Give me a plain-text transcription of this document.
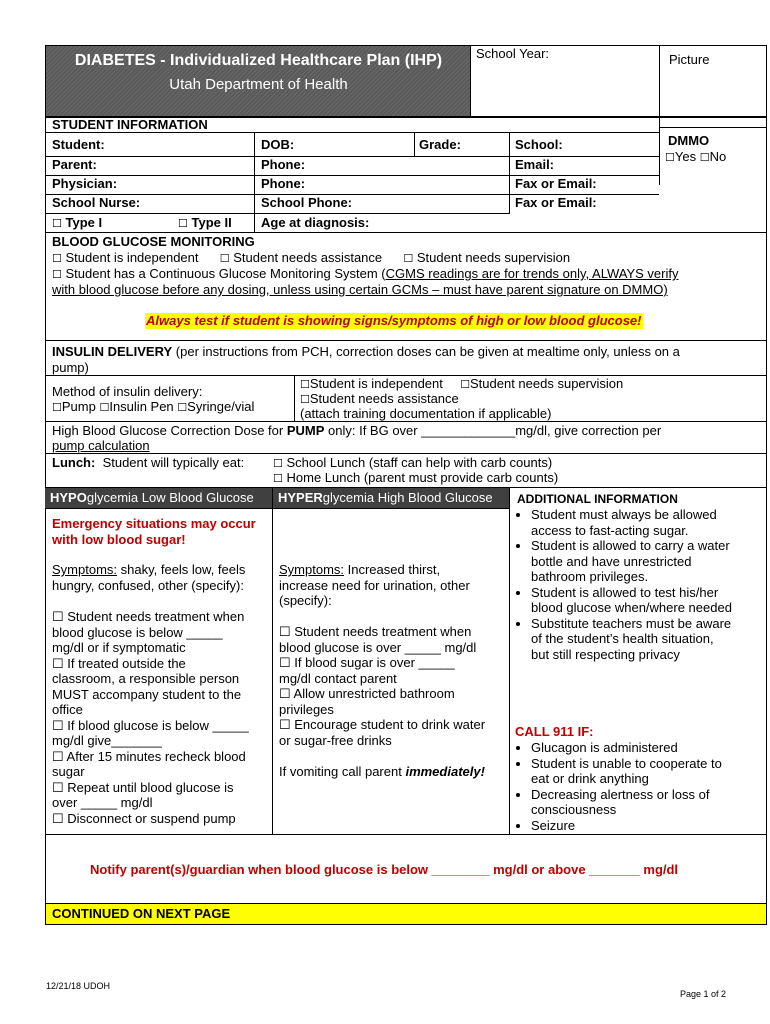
DIABETES - Individualized Healthcare Plan (IHP)
Utah Department of Health
School Year:	Picture
STUDENT INFORMATION
Student:	DOB:	Grade:	School:	DMMO
☐Yes ☐No
Parent:	Phone:	Email:
Physician:	Phone:	Fax or Email:
School Nurse:	School Phone:	Fax or Email:
☐ Type I	☐ Type II Age at diagnosis:
BLOOD GLUCOSE MONITORING
☐ Student is independent ☐ Student needs assistance ☐ Student needs supervision
☐ Student has a Continuous Glucose Monitoring System (CGMS readings are for trends only, ALWAYS verify
with blood glucose before any dosing, unless using certain GCMs – must have parent signature on DMMO)
Always test if student is showing signs/symptoms of high or low blood glucose!
INSULIN DELIVERY (per instructions from PCH, correction doses can be given at mealtime only, unless on a
pump)
Method of insulin delivery:
☐Pump ☐Insulin Pen ☐Syringe/vial
☐Student is independent ☐Student needs supervision
☐Student needs assistance
(attach training documentation if applicable)
High Blood Glucose Correction Dose for PUMP only: If BG over _____________mg/dl, give correction per
pump calculation
Lunch: Student will typically eat:	☐ School Lunch (staff can help with carb counts)
☐ Home Lunch (parent must provide carb counts)
HYPOglycemia Low Blood Glucose HYPERglycemia High Blood Glucose ADDITIONAL INFORMATION
Emergency situations may occur
with low blood sugar!
Symptoms: shaky, feels low, feels
hungry, confused, other (specify):
☐ Student needs treatment when
blood glucose is below _____
mg/dl or if symptomatic
☐ If treated outside the
classroom, a responsible person
MUST accompany student to the
office
☐ If blood glucose is below _____
mg/dl give_______
☐ After 15 minutes recheck blood
sugar
☐ Repeat until blood glucose is
over _____ mg/dl
☐ Disconnect or suspend pump
Symptoms: Increased thirst,
increase need for urination, other
(specify):
☐ Student needs treatment when
blood glucose is over _____ mg/dl
☐ If blood sugar is over _____
mg/dl contact parent
☐ Allow unrestricted bathroom
privileges
☐ Encourage student to drink water
or sugar-free drinks
If vomiting call parent immediately!
• Student must always be allowed access to fast-acting sugar.
• Student is allowed to carry a water bottle and have unrestricted bathroom privileges.
• Student is allowed to test his/her blood glucose when/where needed
• Substitute teachers must be aware of the student’s health situation, but still respecting privacy
CALL 911 IF:
• Glucagon is administered
• Student is unable to cooperate to eat or drink anything
• Decreasing alertness or loss of consciousness
• Seizure
Notify parent(s)/guardian when blood glucose is below ________ mg/dl or above _______ mg/dl
CONTINUED ON NEXT PAGE
12/21/18 UDOH
Page 1 of 2
